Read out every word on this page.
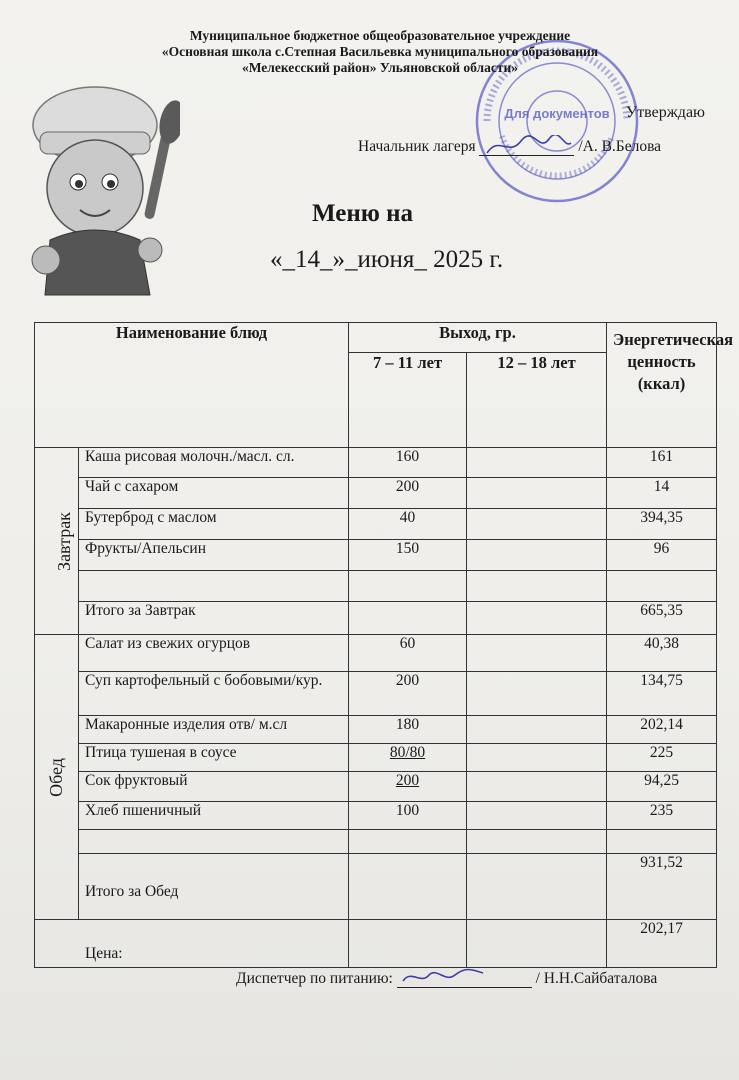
Для документов
Муниципальное бюджетное общеобразовательное учреждение
«Основная школа с.Степная Васильевка муниципального образования
«Мелекесский район» Ульяновской области»
Утверждаю
Начальник лагеря	/А. В.Белова
Меню на
«_14_»_июня_ 2025 г.
Наименование блюд		Выход, гр.		Энергетическая ценность (ккал)
		7 – 11 лет	12 – 18 лет	
Завтрак	Каша рисовая молочн./масл. сл.	160		161
	Чай с сахаром	200		14
	Бутерброд с маслом	40		394,35
	Фрукты/Апельсин	150		96

	Итого за Завтрак			665,35
Обед	Салат из свежих огурцов	60		40,38
	Суп картофельный с бобовыми/кур.	200		134,75
	Макаронные изделия отв/ м.сл	180		202,14
	Птица тушеная в соусе	80/80		225
	Сок фруктовый	200		94,25
	Хлеб пшеничный	100		235

	Итого за Обед			931,52
Цена:				202,17
Диспетчер по питанию:	/ Н.Н.Сайбаталова
